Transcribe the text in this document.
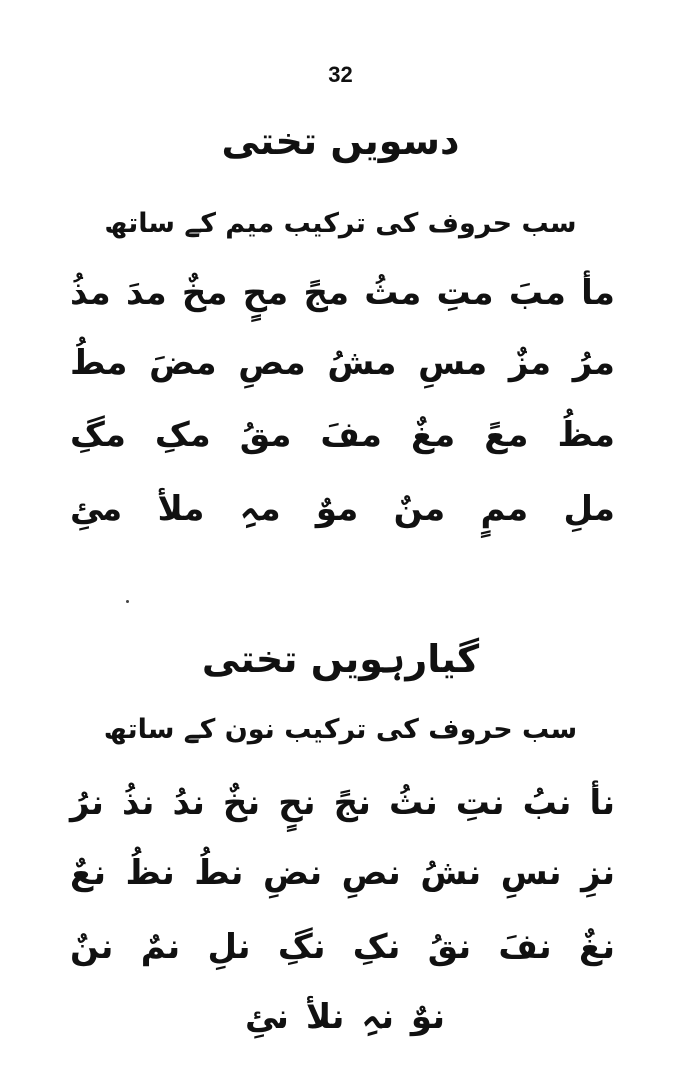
32
دسویں تختی
سب حروف کی ترکیب میم کے ساتھ
مأ
مبَ
متِ
مثُ
مجً
محٍ
مخٌ
مدَ
مذُ
مرُ
مزٌ
مسِ
مشُ
مصِ
مضَ
مطُ
مظُ
معً
مغٌ
مفَ
مقُ
مکِ
مگِ
ملِ
ممٍ
منٌ
موٌ
مہِ
ملأ
مئِ
گیارہویں تختی
سب حروف کی ترکیب نون کے ساتھ
نأ
نبُ
نتِ
نثُ
نجً
نحٍ
نخٌ
ندُ
نذُ
نرُ
نزِ
نسِ
نشُ
نصِ
نضِ
نطُ
نظُ
نعٌ
نغٌ
نفَ
نقُ
نکِ
نگِ
نلِ
نمٌ
ننٌ
نوٌ
نہِ
نلأ
نئِ
